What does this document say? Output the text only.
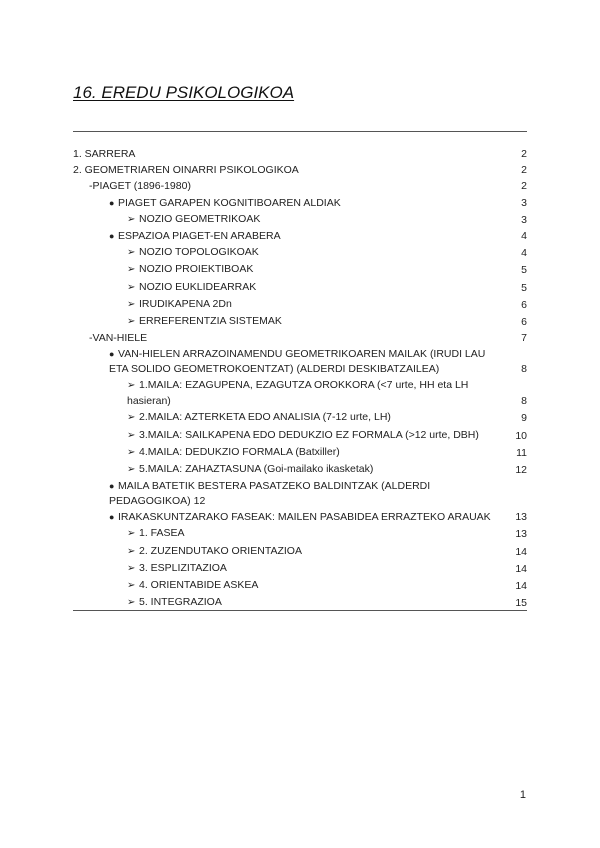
16. EREDU PSIKOLOGIKOA
1. SARRERA	2
2. GEOMETRIAREN OINARRI PSIKOLOGIKOA	2
-PIAGET (1896-1980)	2
● PIAGET GARAPEN KOGNITIBOAREN ALDIAK	3
➢ NOZIO GEOMETRIKOAK	3
● ESPAZIOA PIAGET-EN ARABERA	4
➢ NOZIO TOPOLOGIKOAK	4
➢ NOZIO PROIEKTIBOAK	5
➢ NOZIO EUKLIDEARRAK	5
➢ IRUDIKAPENA 2Dn	6
➢ ERREFERENTZIA SISTEMAK	6
-VAN-HIELE	7
● VAN-HIELEN ARRAZOINAMENDU GEOMETRIKOAREN MAILAK (IRUDI LAU ETA SOLIDO GEOMETROKOENTZAT) (ALDERDI DESKIBATZAILEA)	8
➢ 1.MAILA: EZAGUPENA, EZAGUTZA OROKKORA (<7 urte, HH eta LH hasieran)	8
➢ 2.MAILA: AZTERKETA EDO ANALISIA (7-12 urte, LH)	9
➢ 3.MAILA: SAILKAPENA EDO DEDUKZIO EZ FORMALA (>12 urte, DBH)	10
➢ 4.MAILA: DEDUKZIO FORMALA (Batxiller)	11
➢ 5.MAILA: ZAHAZTASUNA (Goi-mailako ikasketak)	12
● MAILA BATETIK BESTERA PASATZEKO BALDINTZAK (ALDERDI PEDAGOGIKOA) 12
● IRAKASKUNTZARAKO FASEAK: MAILEN PASABIDEA ERRAZTEKO ARAUAK	13
➢ 1. FASEA	13
➢ 2. ZUZENDUTAKO ORIENTAZIOA	14
➢ 3. ESPLIZITAZIOA	14
➢ 4. ORIENTABIDE ASKEA	14
➢ 5. INTEGRAZIOA	15
1
